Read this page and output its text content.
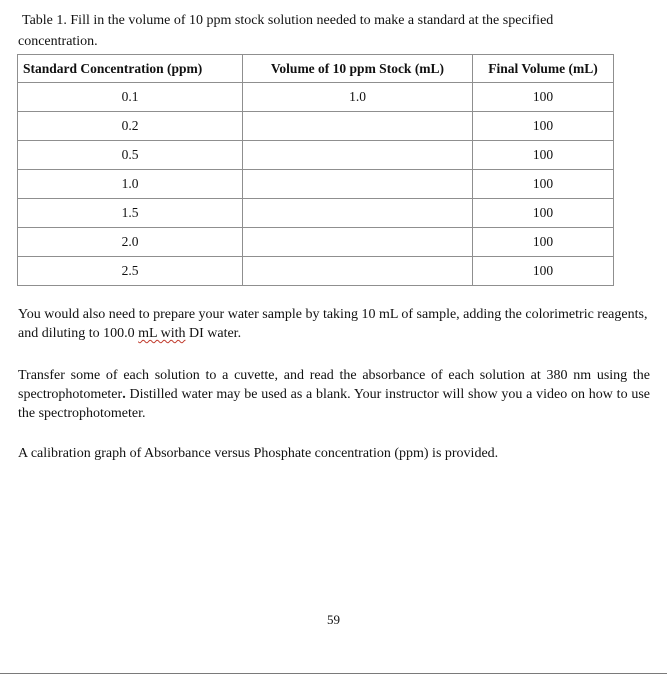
Table 1. Fill in the volume of 10 ppm stock solution needed to make a standard at the specified
concentration.
Standard Concentration (ppm)	Volume of 10 ppm Stock (mL)	Final Volume (mL)
0.1	1.0	100
0.2		100
0.5		100
1.0		100
1.5		100
2.0		100
2.5		100
You would also need to prepare your water sample by taking 10 mL of sample, adding the colorimetric reagents, and diluting to 100.0 mL with DI water.
Transfer some of each solution to a cuvette, and read the absorbance of each solution at 380 nm using the spectrophotometer. Distilled water may be used as a blank. Your instructor will show you a video on how to use the spectrophotometer.
A calibration graph of Absorbance versus Phosphate concentration (ppm) is provided.
59
